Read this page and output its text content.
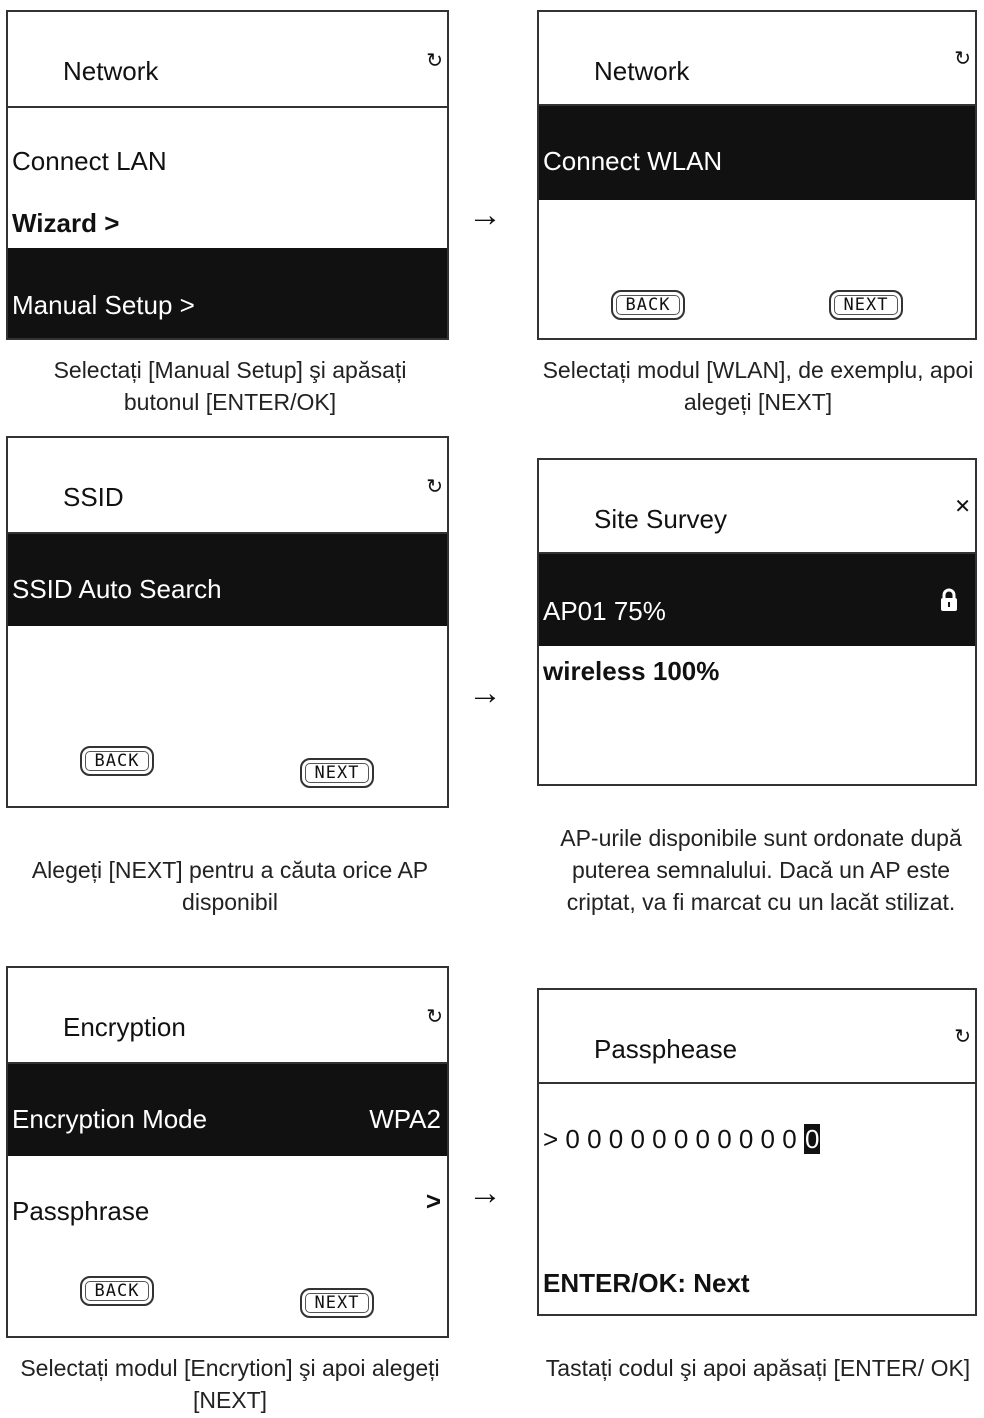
Network	↻
Connect LAN
Wizard >
Manual Setup >
Selectați [Manual Setup] şi apăsați butonul [ENTER/OK]
→
Network	↻
Connect WLAN
BACK	NEXT
Selectați modul [WLAN], de exemplu, apoi alegeți [NEXT]
SSID	↻
SSID Auto Search
BACK
NEXT
Alegeți [NEXT] pentru a căuta orice AP disponibil
→
Site Survey	✕
AP01 75%
wireless 100%
AP-urile disponibile sunt ordonate după puterea semnalului. Dacă un AP este criptat, va fi marcat cu un lacăt stilizat.
Encryption	↻
Encryption Mode	WPA2
Passphrase	>
BACK
NEXT
Selectați modul [Encrytion] şi apoi alegeți [NEXT]
→
Passphease	↻
> 0 0 0 0 0 0 0 0 0 0 0 0
ENTER/OK: Next
Tastați codul şi apoi apăsați [ENTER/ OK]
